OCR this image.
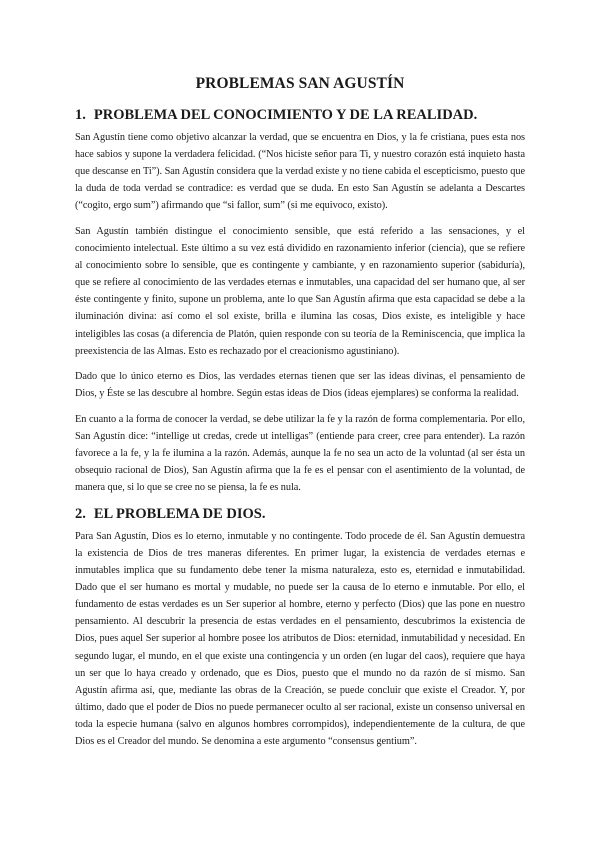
PROBLEMAS SAN AGUSTÍN
1. PROBLEMA DEL CONOCIMIENTO Y DE LA REALIDAD.

San Agustín tiene como objetivo alcanzar la verdad, que se encuentra en Dios, y la fe cristiana, pues esta nos hace sabios y supone la verdadera felicidad. (“Nos hiciste señor para Ti, y nuestro corazón está inquieto hasta que descanse en Ti”). San Agustín considera que la verdad existe y no tiene cabida el escepticismo, puesto que la duda de toda verdad se contradice: es verdad que se duda. En esto San Agustín se adelanta a Descartes (“cogito, ergo sum”) afirmando que “si fallor, sum” (si me equivoco, existo).

San Agustín también distingue el conocimiento sensible, que está referido a las sensaciones, y el conocimiento intelectual. Este último a su vez está dividido en razonamiento inferior (ciencia), que se refiere al conocimiento sobre lo sensible, que es contingente y cambiante, y en razonamiento superior (sabiduría), que se refiere al conocimiento de las verdades eternas e inmutables, una capacidad del ser humano que, al ser éste contingente y finito, supone un problema, ante lo que San Agustín afirma que esta capacidad se debe a la iluminación divina: así como el sol existe, brilla e ilumina las cosas, Dios existe, es inteligible y hace inteligibles las cosas (a diferencia de Platón, quien responde con su teoría de la Reminiscencia, que implica la preexistencia de las Almas. Esto es rechazado por el creacionismo agustiniano).

Dado que lo único eterno es Dios, las verdades eternas tienen que ser las ideas divinas, el pensamiento de Dios, y Éste se las descubre al hombre. Según estas ideas de Dios (ideas ejemplares) se conforma la realidad.

En cuanto a la forma de conocer la verdad, se debe utilizar la fe y la razón de forma complementaria. Por ello, San Agustín dice: “intellige ut credas, crede ut intelligas” (entiende para creer, cree para entender). La razón favorece a la fe, y la fe ilumina a la razón. Además, aunque la fe no sea un acto de la voluntad (al ser ésta un obsequio racional de Dios), San Agustín afirma que la fe es el pensar con el asentimiento de la voluntad, de manera que, si lo que se cree no se piensa, la fe es nula.

2. EL PROBLEMA DE DIOS.

Para San Agustín, Dios es lo eterno, inmutable y no contingente. Todo procede de él. San Agustín demuestra la existencia de Dios de tres maneras diferentes. En primer lugar, la existencia de verdades eternas e inmutables implica que su fundamento debe tener la misma naturaleza, esto es, eternidad e inmutabilidad. Dado que el ser humano es mortal y mudable, no puede ser la causa de lo eterno e inmutable. Por ello, el fundamento de estas verdades es un Ser superior al hombre, eterno y perfecto (Dios) que las pone en nuestro pensamiento. Al descubrir la presencia de estas verdades en el pensamiento, descubrimos la existencia de Dios, pues aquel Ser superior al hombre posee los atributos de Dios: eternidad, inmutabilidad y necesidad. En segundo lugar, el mundo, en el que existe una contingencia y un orden (en lugar del caos), requiere que haya un ser que lo haya creado y ordenado, que es Dios, puesto que el mundo no da razón de sí mismo. San Agustín afirma así, que, mediante las obras de la Creación, se puede concluir que existe el Creador. Y, por último, dado que el poder de Dios no puede permanecer oculto al ser racional, existe un consenso universal en toda la especie humana (salvo en algunos hombres corrompidos), independientemente de la cultura, de que Dios es el Creador del mundo. Se denomina a este argumento “consensus gentium”.
